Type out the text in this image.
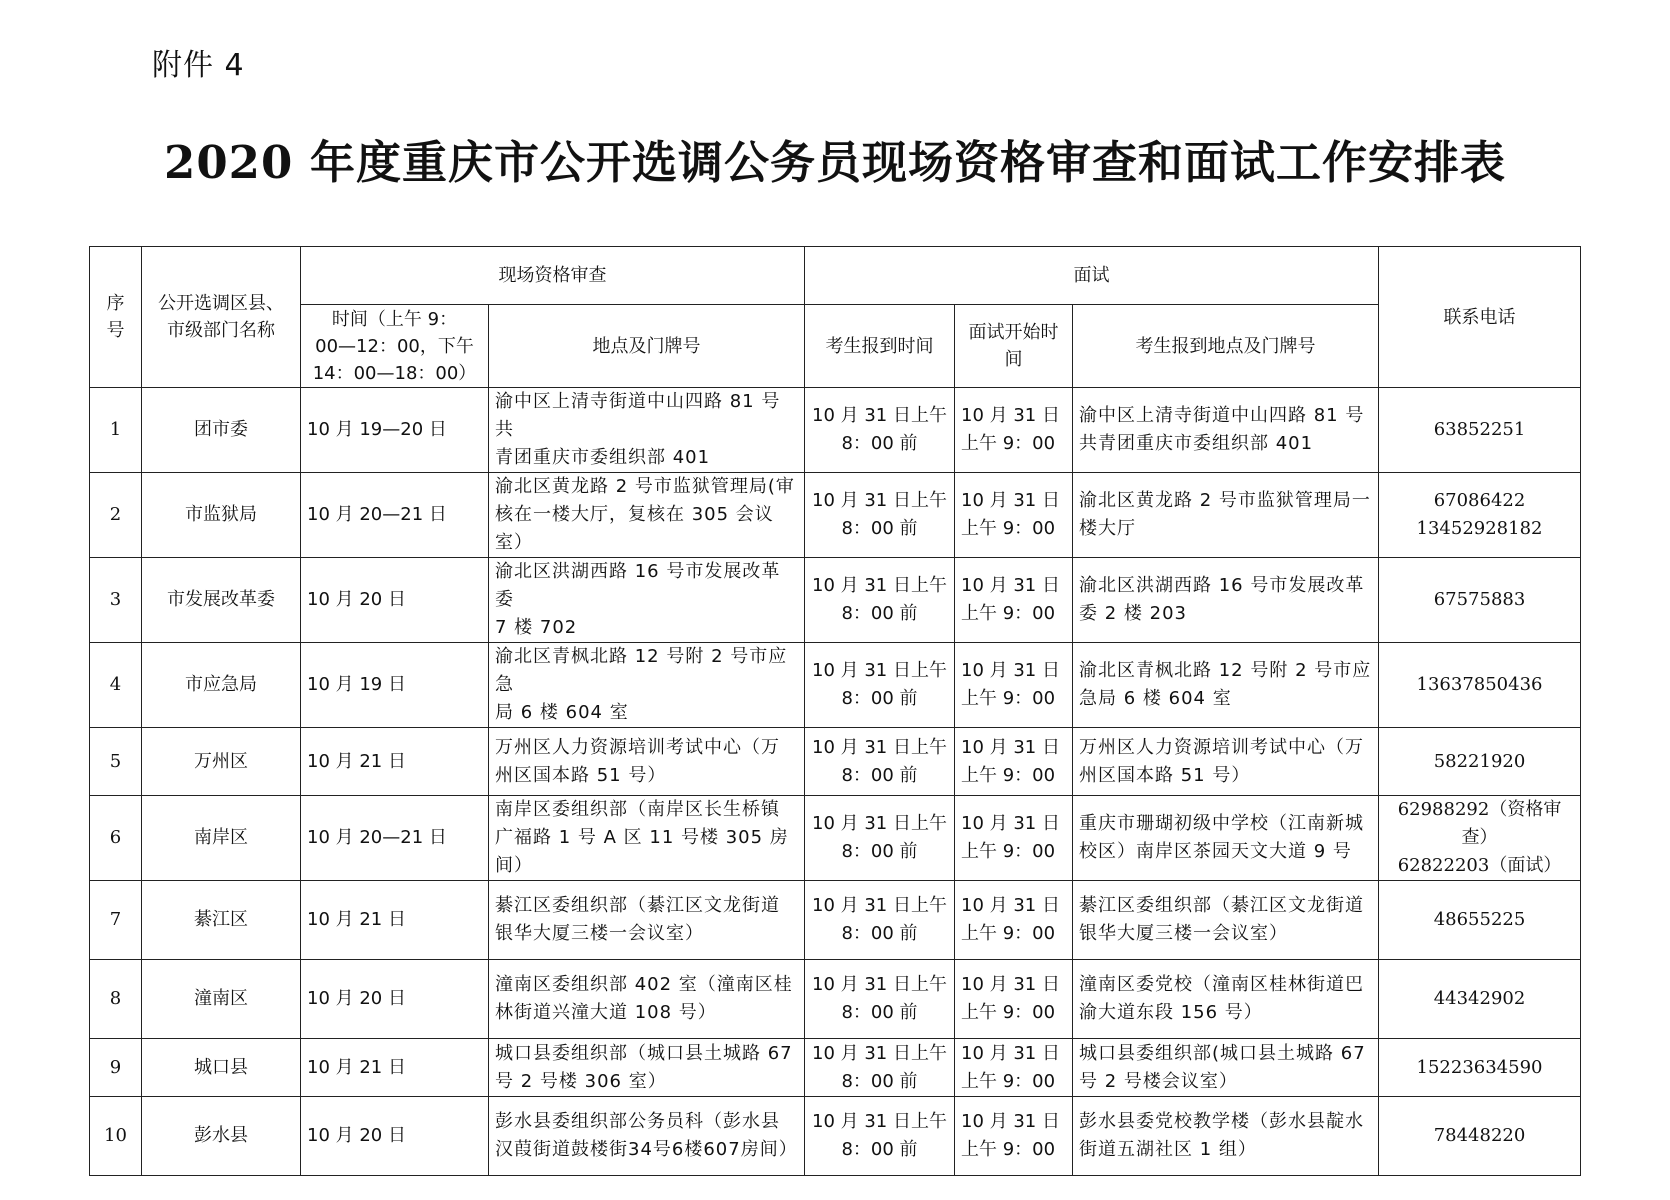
附件 4
2020 年度重庆市公开选调公务员现场资格审查和面试工作安排表
序
号	公开选调区县、
市级部门名称	现场资格审查		面试			联系电话

		时间（上午 9：
00—12：00，下午
14：00—18：00）	地点及门牌号	考生报到时间	面试开始时
间	考生报到地点及门牌号	
1	团市委	10 月 19—20 日	渝中区上清寺街道中山四路 81 号共
青团重庆市委组织部 401	10 月 31 日上午
8：00 前	10 月 31 日
上午 9：00	渝中区上清寺街道中山四路 81 号
共青团重庆市委组织部 401	63852251

2	市监狱局	10 月 20—21 日	渝北区黄龙路 2 号市监狱管理局(审
核在一楼大厅，复核在 305 会议室）	10 月 31 日上午
8：00 前	10 月 31 日
上午 9：00	渝北区黄龙路 2 号市监狱管理局一
楼大厅	67086422
13452928182

3	市发展改革委	10 月 20 日	渝北区洪湖西路 16 号市发展改革委
7 楼 702	10 月 31 日上午
8：00 前	10 月 31 日
上午 9：00	渝北区洪湖西路 16 号市发展改革
委 2 楼 203	67575883

4	市应急局	10 月 19 日	渝北区青枫北路 12 号附 2 号市应急
局 6 楼 604 室	10 月 31 日上午
8：00 前	10 月 31 日
上午 9：00	渝北区青枫北路 12 号附 2 号市应
急局 6 楼 604 室	13637850436

5	万州区	10 月 21 日	万州区人力资源培训考试中心（万
州区国本路 51 号）	10 月 31 日上午
8：00 前	10 月 31 日
上午 9：00	万州区人力资源培训考试中心（万
州区国本路 51 号）	58221920

6	南岸区	10 月 20—21 日	南岸区委组织部（南岸区长生桥镇
广福路 1 号 A 区 11 号楼 305 房间）	10 月 31 日上午
8：00 前	10 月 31 日
上午 9：00	重庆市珊瑚初级中学校（江南新城
校区）南岸区茶园天文大道 9 号	62988292（资格审查）
62822203（面试）

7	綦江区	10 月 21 日	綦江区委组织部（綦江区文龙街道
银华大厦三楼一会议室）	10 月 31 日上午
8：00 前	10 月 31 日
上午 9：00	綦江区委组织部（綦江区文龙街道
银华大厦三楼一会议室）	48655225

8	潼南区	10 月 20 日	潼南区委组织部 402 室（潼南区桂
林街道兴潼大道 108 号）	10 月 31 日上午
8：00 前	10 月 31 日
上午 9：00	潼南区委党校（潼南区桂林街道巴
渝大道东段 156 号）	44342902

9	城口县	10 月 21 日	城口县委组织部（城口县土城路 67
号 2 号楼 306 室）	10 月 31 日上午
8：00 前	10 月 31 日
上午 9：00	城口县委组织部(城口县土城路 67
号 2 号楼会议室）	15223634590

10	彭水县	10 月 20 日	彭水县委组织部公务员科（彭水县
汉葭街道鼓楼街34号6楼607房间）	10 月 31 日上午
8：00 前	10 月 31 日
上午 9：00	彭水县委党校教学楼（彭水县靛水
街道五湖社区 1 组）	78448220
